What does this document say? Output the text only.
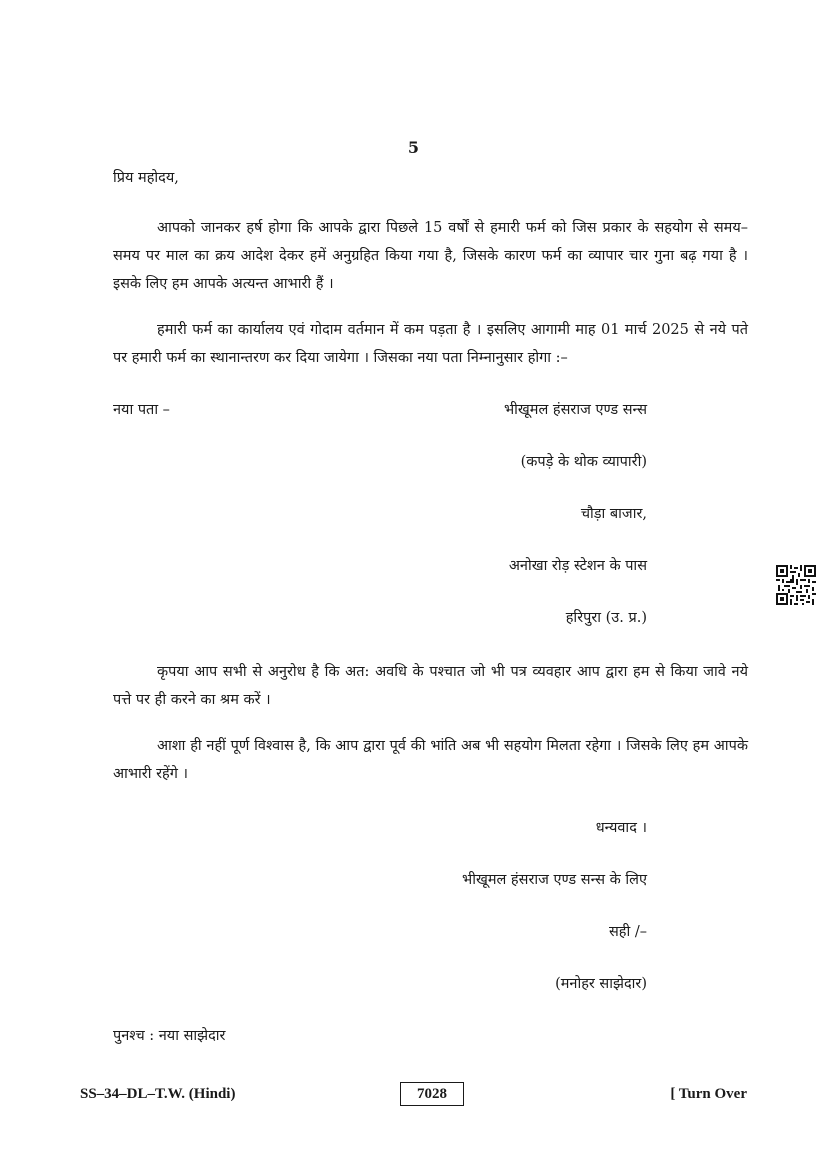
5
प्रिय महोदय,
आपको जानकर हर्ष होगा कि आपके द्वारा पिछले 15 वर्षों से हमारी फर्म को जिस प्रकार के सहयोग से समय–समय पर माल का क्रय आदेश देकर हमें अनुग्रहित किया गया है, जिसके कारण फर्म का व्यापार चार गुना बढ़ गया है । इसके लिए हम आपके अत्यन्त आभारी हैं ।
हमारी फर्म का कार्यालय एवं गोदाम वर्तमान में कम पड़ता है । इसलिए आगामी माह 01 मार्च 2025 से नये पते पर हमारी फर्म का स्थानान्तरण कर दिया जायेगा । जिसका नया पता निम्नानुसार होगा :–
नया पता –	भीखूमल हंसराज एण्ड सन्स
(कपड़े के थोक व्यापारी)
चौड़ा बाजार,
अनोखा रोड़ स्टेशन के पास
हरिपुरा (उ. प्र.)
कृपया आप सभी से अनुरोध है कि अत: अवधि के पश्चात जो भी पत्र व्यवहार आप द्वारा हम से किया जावे नये पत्ते पर ही करने का श्रम करें ।
आशा ही नहीं पूर्ण विश्वास है, कि आप द्वारा पूर्व की भांति अब भी सहयोग मिलता रहेगा । जिसके लिए हम आपके आभारी रहेंगे ।
धन्यवाद ।
भीखूमल हंसराज एण्ड सन्स के लिए
सही /–
(मनोहर साझेदार)
पुनश्च : नया साझेदार
SS–34–DL–T.W. (Hindi)	7028	[ Turn Over
